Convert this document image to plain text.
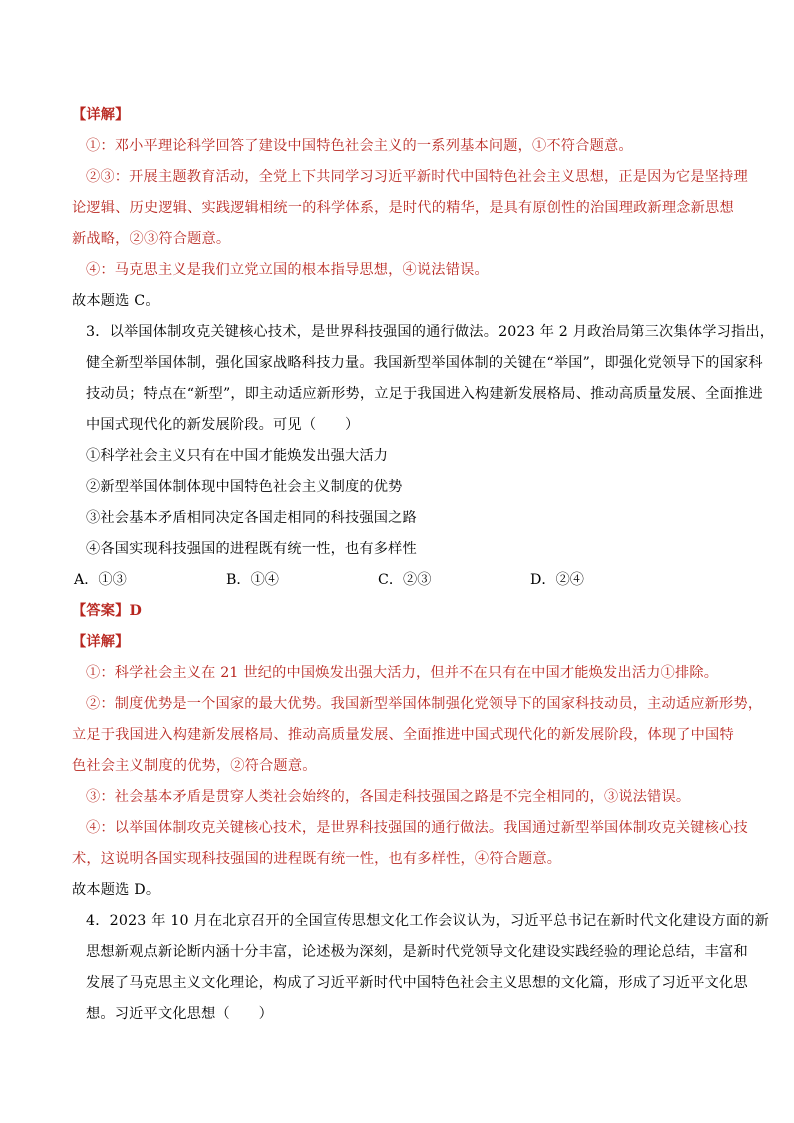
【详解】
①：邓小平理论科学回答了建设中国特色社会主义的一系列基本问题，①不符合题意。
②③：开展主题教育活动，全党上下共同学习习近平新时代中国特色社会主义思想，正是因为它是坚持理
论逻辑、历史逻辑、实践逻辑相统一的科学体系，是时代的精华，是具有原创性的治国理政新理念新思想
新战略，②③符合题意。
④：马克思主义是我们立党立国的根本指导思想，④说法错误。
故本题选 C。
3．以举国体制攻克关键核心技术，是世界科技强国的通行做法。2023 年 2 月政治局第三次集体学习指出，
健全新型举国体制，强化国家战略科技力量。我国新型举国体制的关键在“举国”，即强化党领导下的国家科
技动员；特点在“新型”，即主动适应新形势，立足于我国进入构建新发展格局、推动高质量发展、全面推进
中国式现代化的新发展阶段。可见（　　）
①科学社会主义只有在中国才能焕发出强大活力
②新型举国体制体现中国特色社会主义制度的优势
③社会基本矛盾相同决定各国走相同的科技强国之路
④各国实现科技强国的进程既有统一性，也有多样性
A．①③	B．①④	C．②③	D．②④
【答案】D
【详解】
①：科学社会主义在 21 世纪的中国焕发出强大活力，但并不在只有在中国才能焕发出活力①排除。
②：制度优势是一个国家的最大优势。我国新型举国体制强化党领导下的国家科技动员，主动适应新形势，
立足于我国进入构建新发展格局、推动高质量发展、全面推进中国式现代化的新发展阶段，体现了中国特
色社会主义制度的优势，②符合题意。
③：社会基本矛盾是贯穿人类社会始终的，各国走科技强国之路是不完全相同的，③说法错误。
④：以举国体制攻克关键核心技术，是世界科技强国的通行做法。我国通过新型举国体制攻克关键核心技
术，这说明各国实现科技强国的进程既有统一性，也有多样性，④符合题意。
故本题选 D。
4．2023 年 10 月在北京召开的全国宣传思想文化工作会议认为，习近平总书记在新时代文化建设方面的新
思想新观点新论断内涵十分丰富，论述极为深刻，是新时代党领导文化建设实践经验的理论总结，丰富和
发展了马克思主义文化理论，构成了习近平新时代中国特色社会主义思想的文化篇，形成了习近平文化思
想。习近平文化思想（　　）
